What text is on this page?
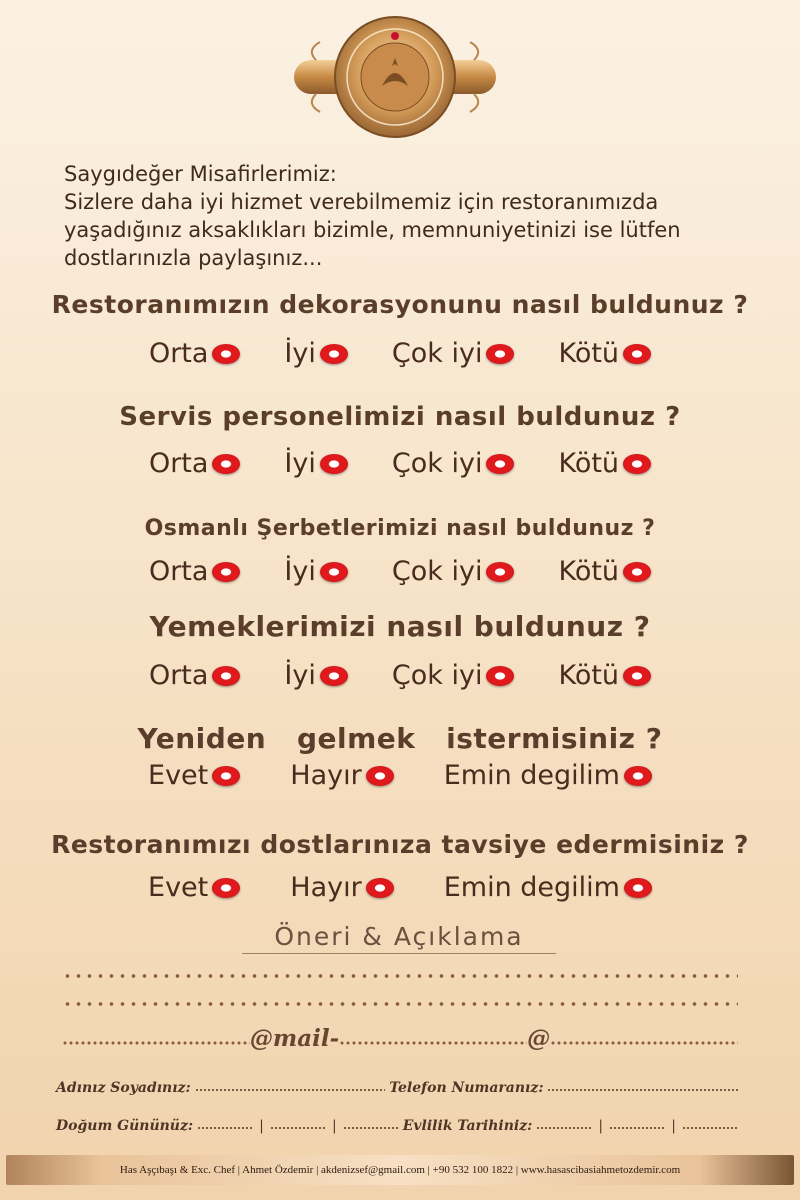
Saygıdeğer Misafirlerimiz:
Sizlere daha iyi hizmet verebilmemiz için restoranımızda
yaşadığınız aksaklıkları bizimle, memnuniyetinizi ise lütfen
dostlarınızla paylaşınız...
Restoranımızın dekorasyonunu nasıl buldunuz ?
Orta	İyi	Çok iyi	Kötü
Servis personelimizi nasıl buldunuz ?
Orta	İyi	Çok iyi	Kötü
Osmanlı Şerbetlerimizi nasıl buldunuz ?
Orta	İyi	Çok iyi	Kötü
Yemeklerimizi nasıl buldunuz ?
Orta	İyi	Çok iyi	Kötü
Yeniden   gelmek   istermisiniz ?
Evet	Hayır	Emin degilim
Restoranımızı dostlarınıza tavsiye edermisiniz ?
Evet	Hayır	Emin degilim
Öneri & Açıklama
@mail-	@
Adınız Soyadınız:	Telefon Numaranız:
Doğum Gününüz:	|	|	Evlilik Tarihiniz:	|	|
Has Aşçıbaşı & Exc. Chef | Ahmet Özdemir | akdenizsef@gmail.com | +90 532 100 1822 | www.hasascibasiahmetozdemir.com
